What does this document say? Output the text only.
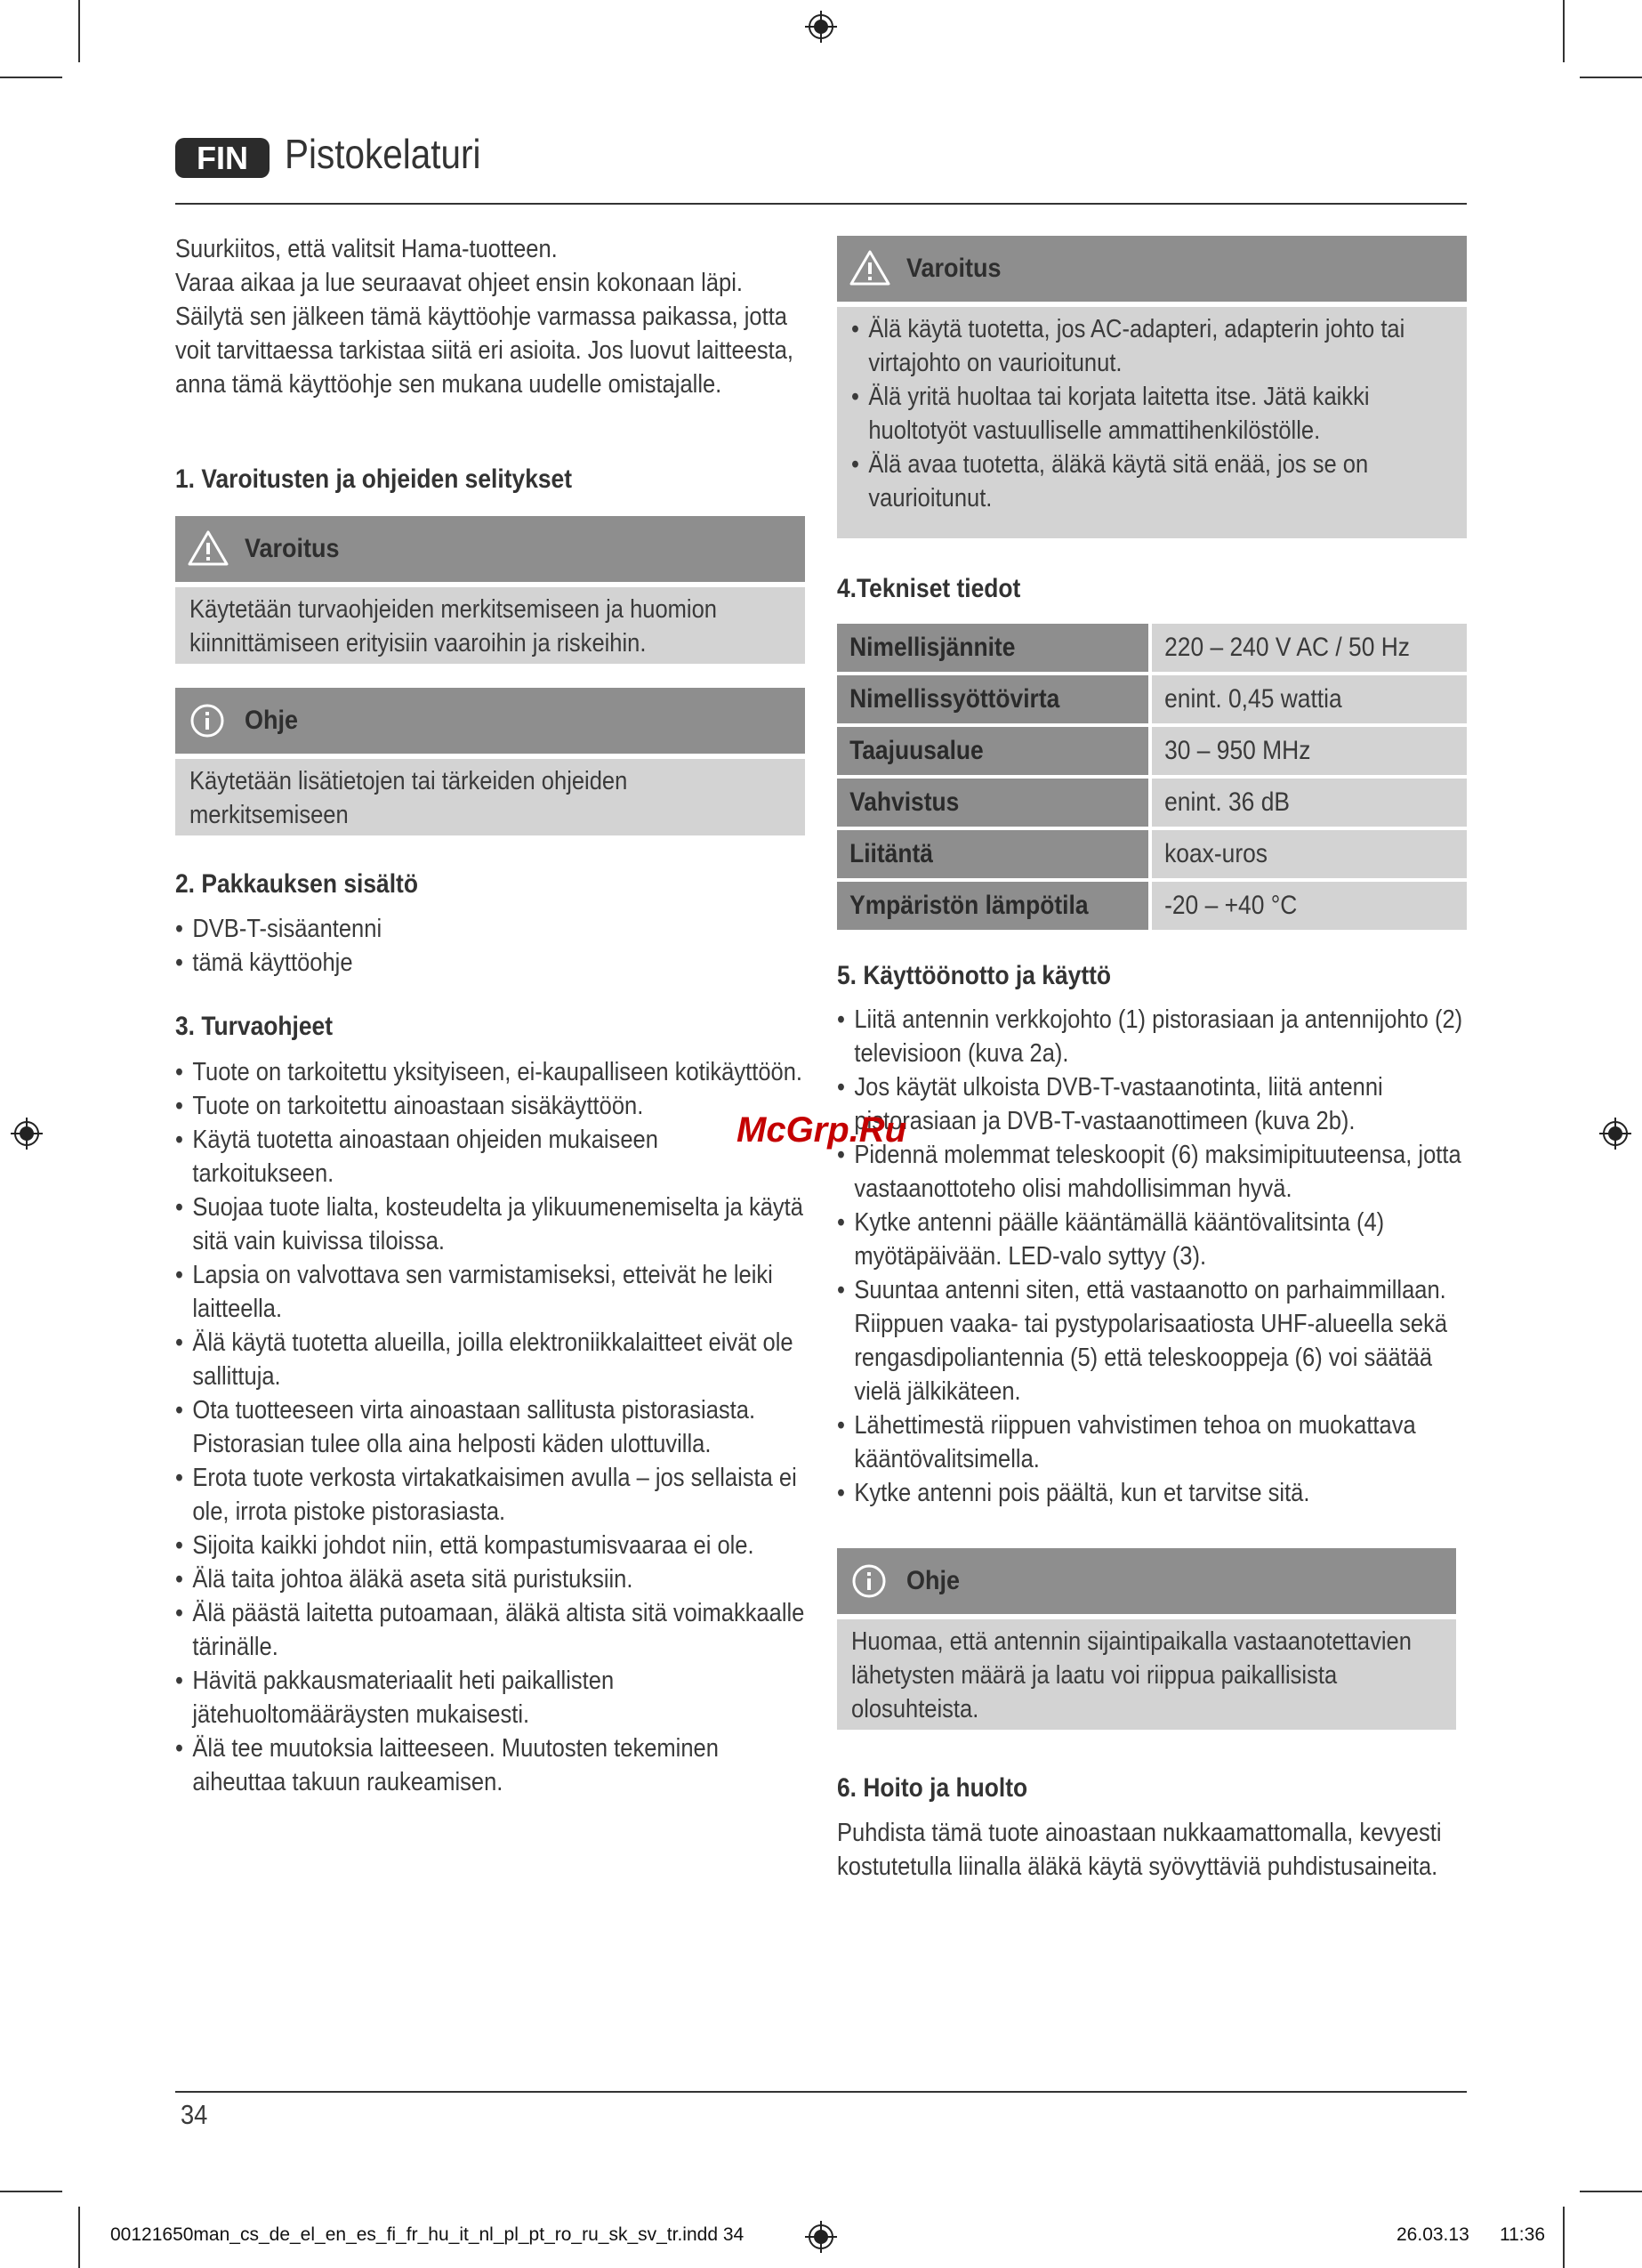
FIN Pistokelaturi
Suurkiitos, että valitsit Hama-tuotteen.
Varaa aikaa ja lue seuraavat ohjeet ensin kokonaan läpi. Säilytä sen jälkeen tämä käyttöohje varmassa paikassa, jotta voit tarvittaessa tarkistaa siitä eri asioita. Jos luovut laitteesta, anna tämä käyttöohje sen mukana uudelle omistajalle.
1. Varoitusten ja ohjeiden selitykset
Varoitus
Käytetään turvaohjeiden merkitsemiseen ja huomion kiinnittämiseen erityisiin vaaroihin ja riskeihin.
Ohje
Käytetään lisätietojen tai tärkeiden ohjeiden merkitsemiseen
2. Pakkauksen sisältö
• DVB-T-sisäantenni
• tämä käyttöohje
3. Turvaohjeet
• Tuote on tarkoitettu yksityiseen, ei-kaupalliseen kotikäyttöön.
• Tuote on tarkoitettu ainoastaan sisäkäyttöön.
• Käytä tuotetta ainoastaan ohjeiden mukaiseen tarkoitukseen.
• Suojaa tuote lialta, kosteudelta ja ylikuumenemiselta ja käytä sitä vain kuivissa tiloissa.
• Lapsia on valvottava sen varmistamiseksi, etteivät he leiki laitteella.
• Älä käytä tuotetta alueilla, joilla elektroniikkalaitteet eivät ole sallittuja.
• Ota tuotteeseen virta ainoastaan sallitusta pistorasiasta. Pistorasian tulee olla aina helposti käden ulottuvilla.
• Erota tuote verkosta virtakatkaisimen avulla – jos sellaista ei ole, irrota pistoke pistorasiasta.
• Sijoita kaikki johdot niin, että kompastumisvaaraa ei ole.
• Älä taita johtoa äläkä aseta sitä puristuksiin.
• Älä päästä laitetta putoamaan, äläkä altista sitä voimakkaalle tärinälle.
• Hävitä pakkausmateriaalit heti paikallisten jätehuoltomääräysten mukaisesti.
• Älä tee muutoksia laitteeseen. Muutosten tekeminen aiheuttaa takuun raukeamisen.
Varoitus
• Älä käytä tuotetta, jos AC-adapteri, adapterin johto tai virtajohto on vaurioitunut.
• Älä yritä huoltaa tai korjata laitetta itse. Jätä kaikki huoltotyöt vastuulliselle ammattihenkilöstölle.
• Älä avaa tuotetta, äläkä käytä sitä enää, jos se on vaurioitunut.
4.Tekniset tiedot
Nimellisjännite	220 – 240 V AC / 50 Hz

Nimellissyöttövirta	enint. 0,45 wattia

Taajuusalue	30 – 950 MHz

Vahvistus	enint. 36 dB

Liitäntä	koax-uros

Ympäristön lämpötila	-20 – +40 °C
5. Käyttöönotto ja käyttö
• Liitä antennin verkkojohto (1) pistorasiaan ja antennijohto (2) televisioon (kuva 2a).
• Jos käytät ulkoista DVB-T-vastaanotinta, liitä antenni pistorasiaan ja DVB-T-vastaanottimeen (kuva 2b).
• Pidennä molemmat teleskoopit (6) maksimipituuteensa, jotta vastaanottoteho olisi mahdollisimman hyvä.
• Kytke antenni päälle kääntämällä kääntövalitsinta (4) myötäpäivään. LED-valo syttyy (3).
• Suuntaa antenni siten, että vastaanotto on parhaimmillaan. Riippuen vaaka- tai pystypolarisaatiosta UHF-alueella sekä rengasdipoliantennia (5) että teleskooppeja (6) voi säätää vielä jälkikäteen.
• Lähettimestä riippuen vahvistimen tehoa on muokattava kääntövalitsimella.
• Kytke antenni pois päältä, kun et tarvitse sitä.
Ohje
Huomaa, että antennin sijaintipaikalla vastaanotettavien lähetysten määrä ja laatu voi riippua paikallisista olosuhteista.
6. Hoito ja huolto
Puhdista tämä tuote ainoastaan nukkaamattomalla, kevyesti kostutetulla liinalla äläkä käytä syövyttäviä puhdistusaineita.
McGrp.Ru
34
00121650man_cs_de_el_en_es_fi_fr_hu_it_nl_pl_pt_ro_ru_sk_sv_tr.indd 34	26.03.13 11:36
